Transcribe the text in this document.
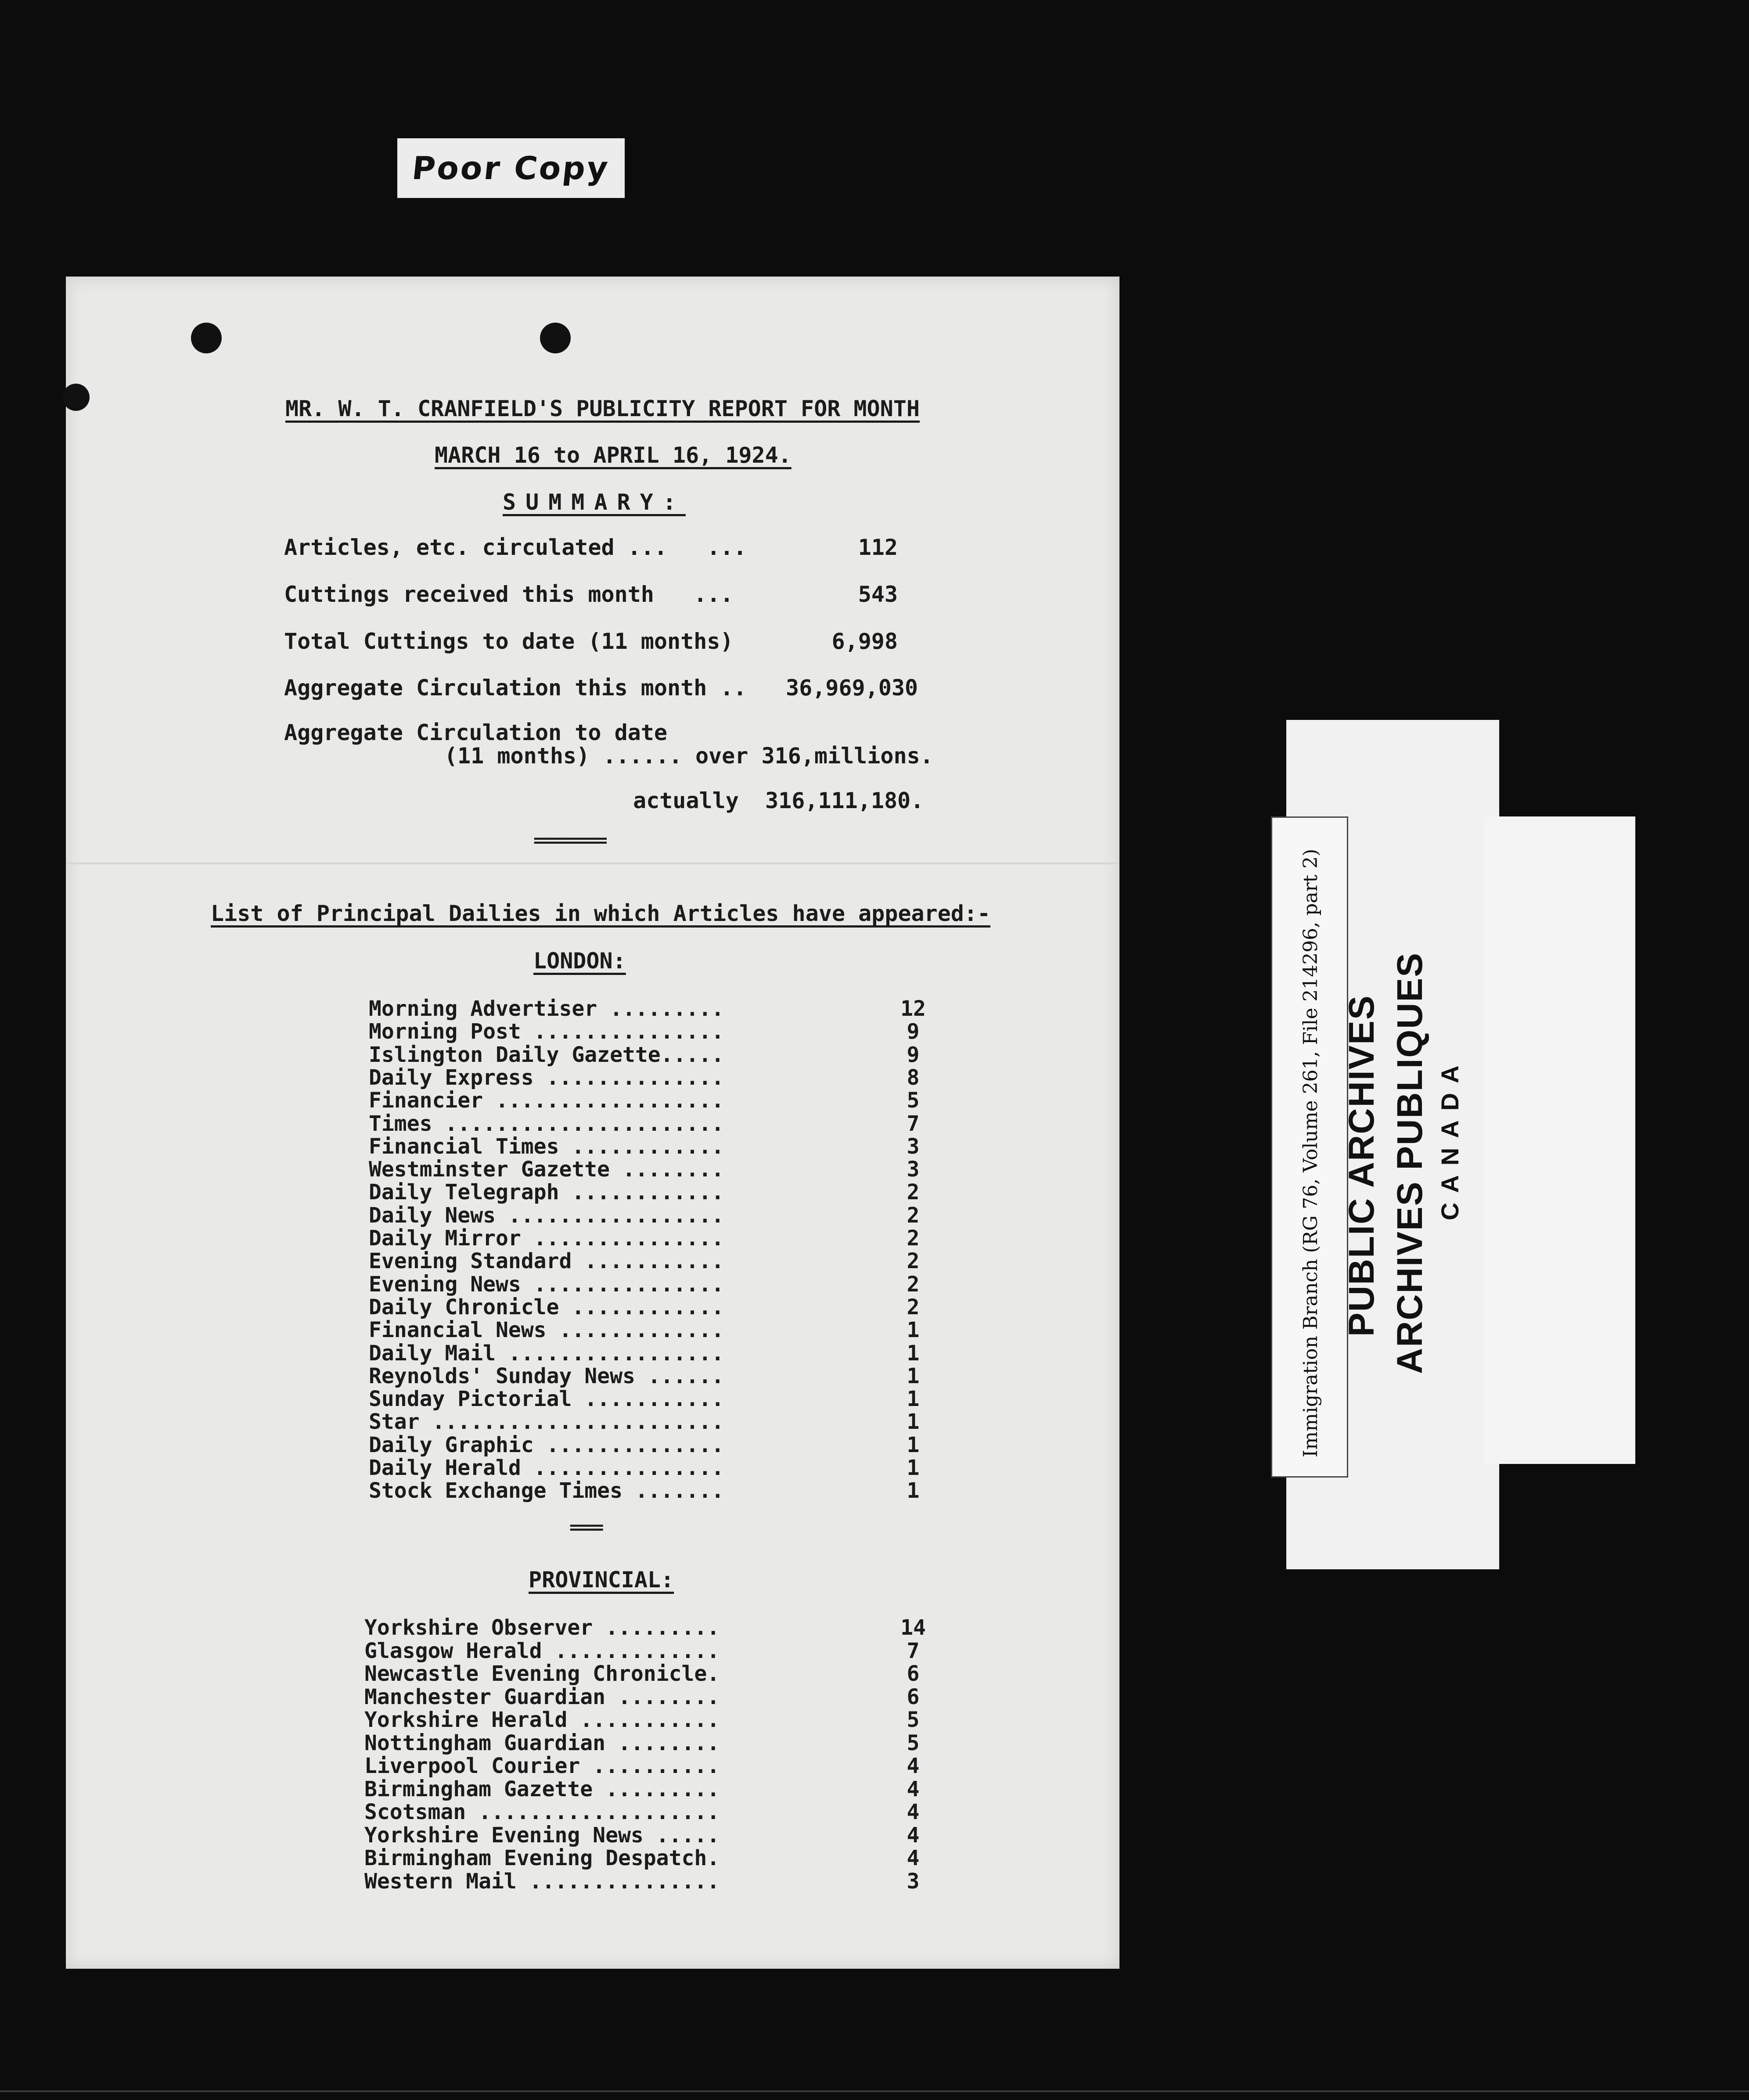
Poor Copy
MR. W. T. CRANFIELD'S PUBLICITY REPORT FOR MONTH
MARCH 16 to APRIL 16, 1924.
SUMMARY:
Articles, etc. circulated ...   ...	112
Cuttings received this month   ...	543
Total Cuttings to date (11 months)	6,998
Aggregate Circulation this month .. 36,969,030
Aggregate Circulation to date
(11 months) ...... over 316,millions.
actually  316,111,180.
=========
List of Principal Dailies in which Articles have appeared:-
LONDON:
Morning Advertiser .........	12
Morning Post ...............	9
Islington Daily Gazette.....	9
Daily Express ..............	8
Financier ..................	5
Times ......................	7
Financial Times ............	3
Westminster Gazette ........	3
Daily Telegraph ............	2
Daily News .................	2
Daily Mirror ...............	2
Evening Standard ...........	2
Evening News ...............	2
Daily Chronicle ............	2
Financial News .............	1
Daily Mail .................	1
Reynolds' Sunday News ......	1
Sunday Pictorial ...........	1
Star .......................	1
Daily Graphic ..............	1
Daily Herald ...............	1
Stock Exchange Times .......	1
====
PROVINCIAL:
Yorkshire Observer .........	14
Glasgow Herald .............	7
Newcastle Evening Chronicle.	6
Manchester Guardian ........	6
Yorkshire Herald ...........	5
Nottingham Guardian ........	5
Liverpool Courier ..........	4
Birmingham Gazette .........	4
Scotsman ...................	4
Yorkshire Evening News .....	4
Birmingham Evening Despatch.	4
Western Mail ...............	3
Immigration Branch (RG 76, Volume 261, File 214296, part 2) PUBLIC ARCHIVES ARCHIVES PUBLIQUES CANADA
